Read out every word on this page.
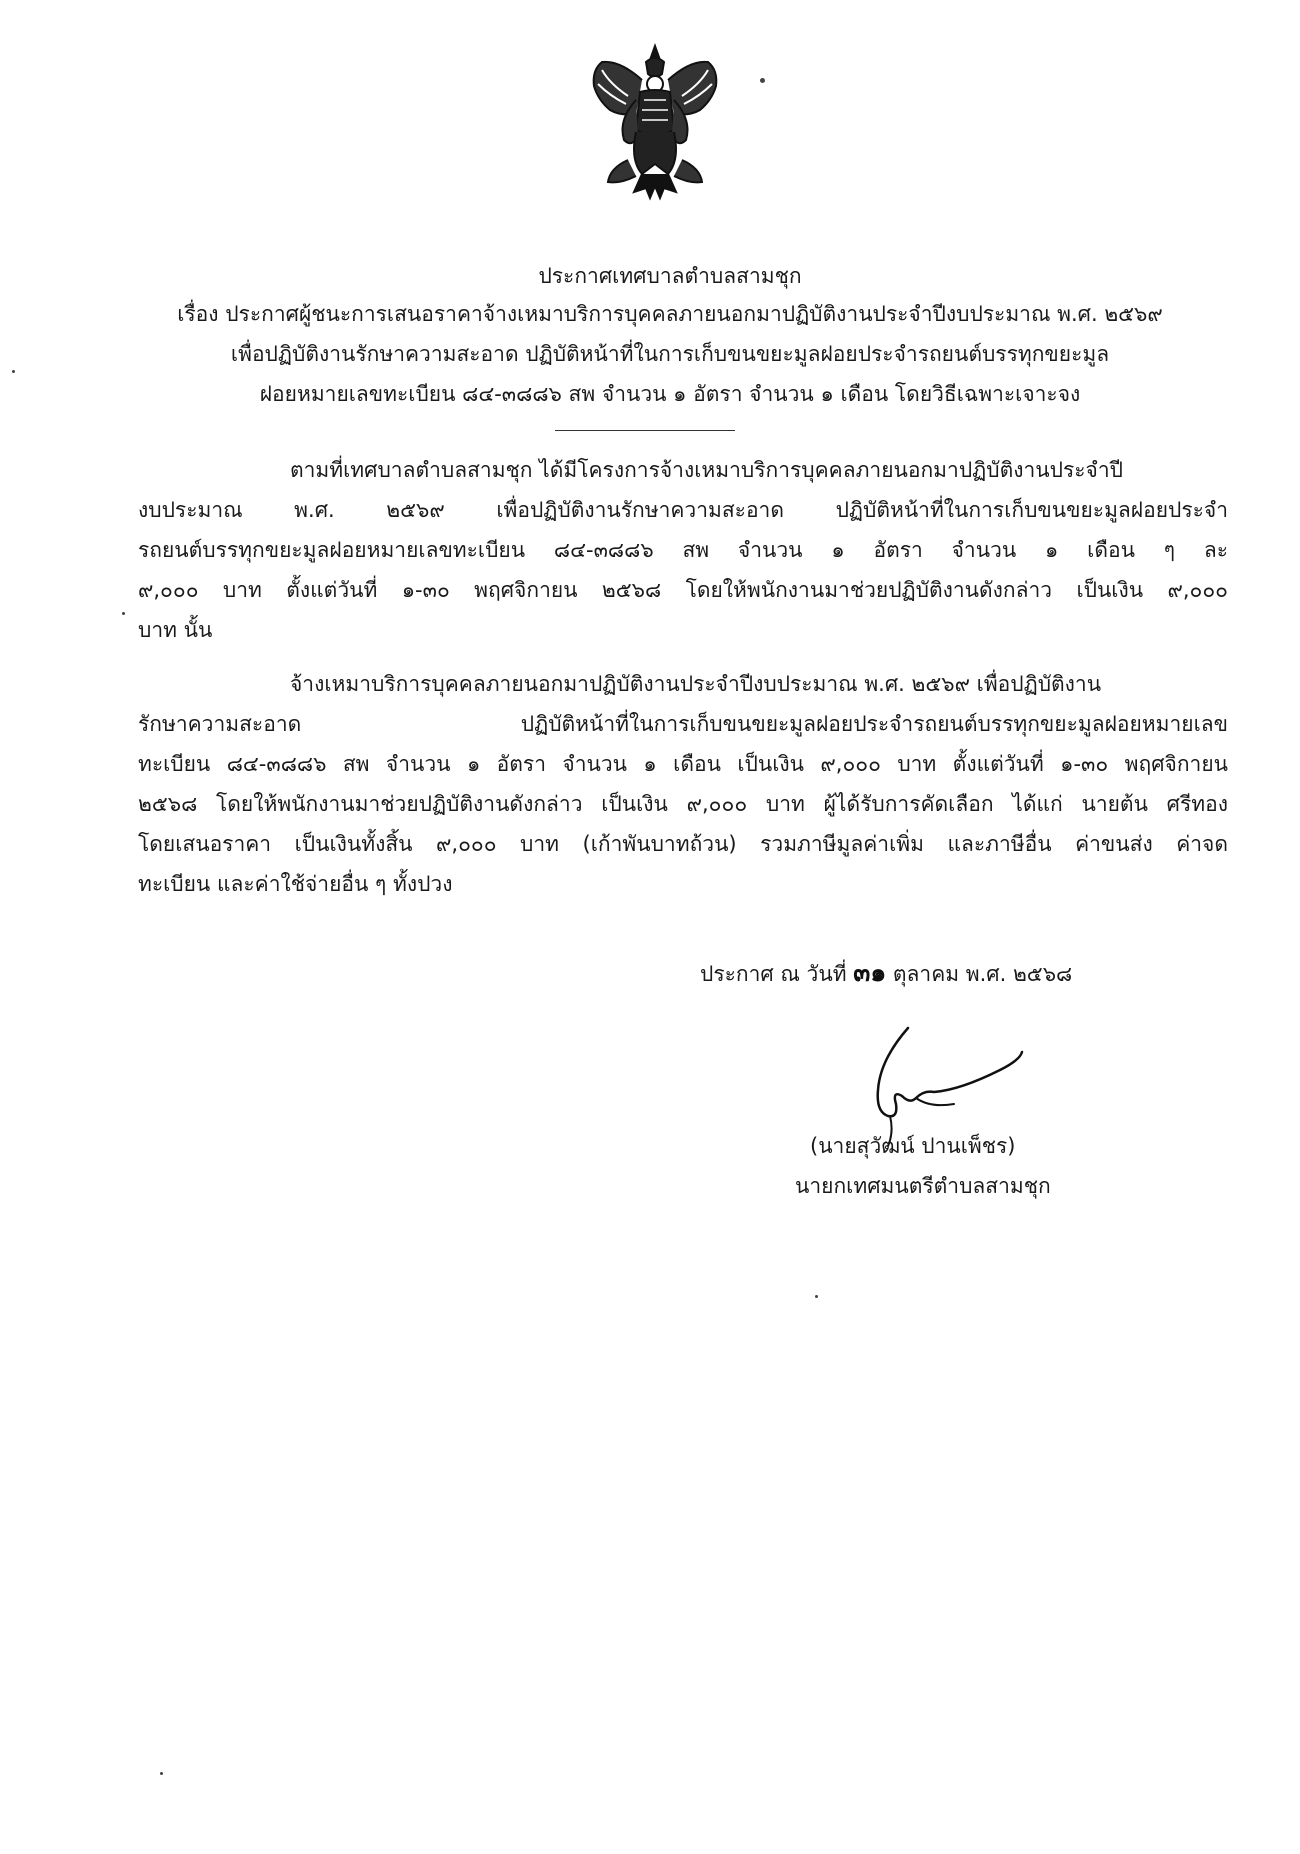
ประกาศเทศบาลตำบลสามชุก
เรื่อง ประกาศผู้ชนะการเสนอราคาจ้างเหมาบริการบุคคลภายนอกมาปฏิบัติงานประจำปีงบประมาณ พ.ศ. ๒๕๖๙
เพื่อปฏิบัติงานรักษาความสะอาด ปฏิบัติหน้าที่ในการเก็บขนขยะมูลฝอยประจำรถยนต์บรรทุกขยะมูล
ฝอยหมายเลขทะเบียน ๘๔-๓๘๘๖ สพ จำนวน ๑ อัตรา จำนวน ๑ เดือน โดยวิธีเฉพาะเจาะจง
ตามที่เทศบาลตำบลสามชุก ได้มีโครงการจ้างเหมาบริการบุคคลภายนอกมาปฏิบัติงานประจำปี
งบประมาณ พ.ศ. ๒๕๖๙ เพื่อปฏิบัติงานรักษาความสะอาด ปฏิบัติหน้าที่ในการเก็บขนขยะมูลฝอยประจำ
รถยนต์บรรทุกขยะมูลฝอยหมายเลขทะเบียน ๘๔-๓๘๘๖ สพ จำนวน ๑ อัตรา จำนวน ๑ เดือน ๆ ละ
๙,๐๐๐ บาท ตั้งแต่วันที่ ๑-๓๐ พฤศจิกายน ๒๕๖๘ โดยให้พนักงานมาช่วยปฏิบัติงานดังกล่าว เป็นเงิน ๙,๐๐๐
บาท นั้น
จ้างเหมาบริการบุคคลภายนอกมาปฏิบัติงานประจำปีงบประมาณ พ.ศ. ๒๕๖๙ เพื่อปฏิบัติงาน
รักษาความสะอาด ปฏิบัติหน้าที่ในการเก็บขนขยะมูลฝอยประจำรถยนต์บรรทุกขยะมูลฝอยหมายเลข
ทะเบียน ๘๔-๓๘๘๖ สพ จำนวน ๑ อัตรา จำนวน ๑ เดือน เป็นเงิน ๙,๐๐๐ บาท ตั้งแต่วันที่ ๑-๓๐ พฤศจิกายน
๒๕๖๘ โดยให้พนักงานมาช่วยปฏิบัติงานดังกล่าว เป็นเงิน ๙,๐๐๐ บาท ผู้ได้รับการคัดเลือก ได้แก่ นายต้น ศรีทอง
โดยเสนอราคา เป็นเงินทั้งสิ้น ๙,๐๐๐ บาท (เก้าพันบาทถ้วน) รวมภาษีมูลค่าเพิ่ม และภาษีอื่น ค่าขนส่ง ค่าจด
ทะเบียน และค่าใช้จ่ายอื่น ๆ ทั้งปวง
ประกาศ ณ วันที่ ๓๑ ตุลาคม พ.ศ. ๒๕๖๘
(นายสุวัฒน์ ปานเพ็ชร)
นายกเทศมนตรีตำบลสามชุก
